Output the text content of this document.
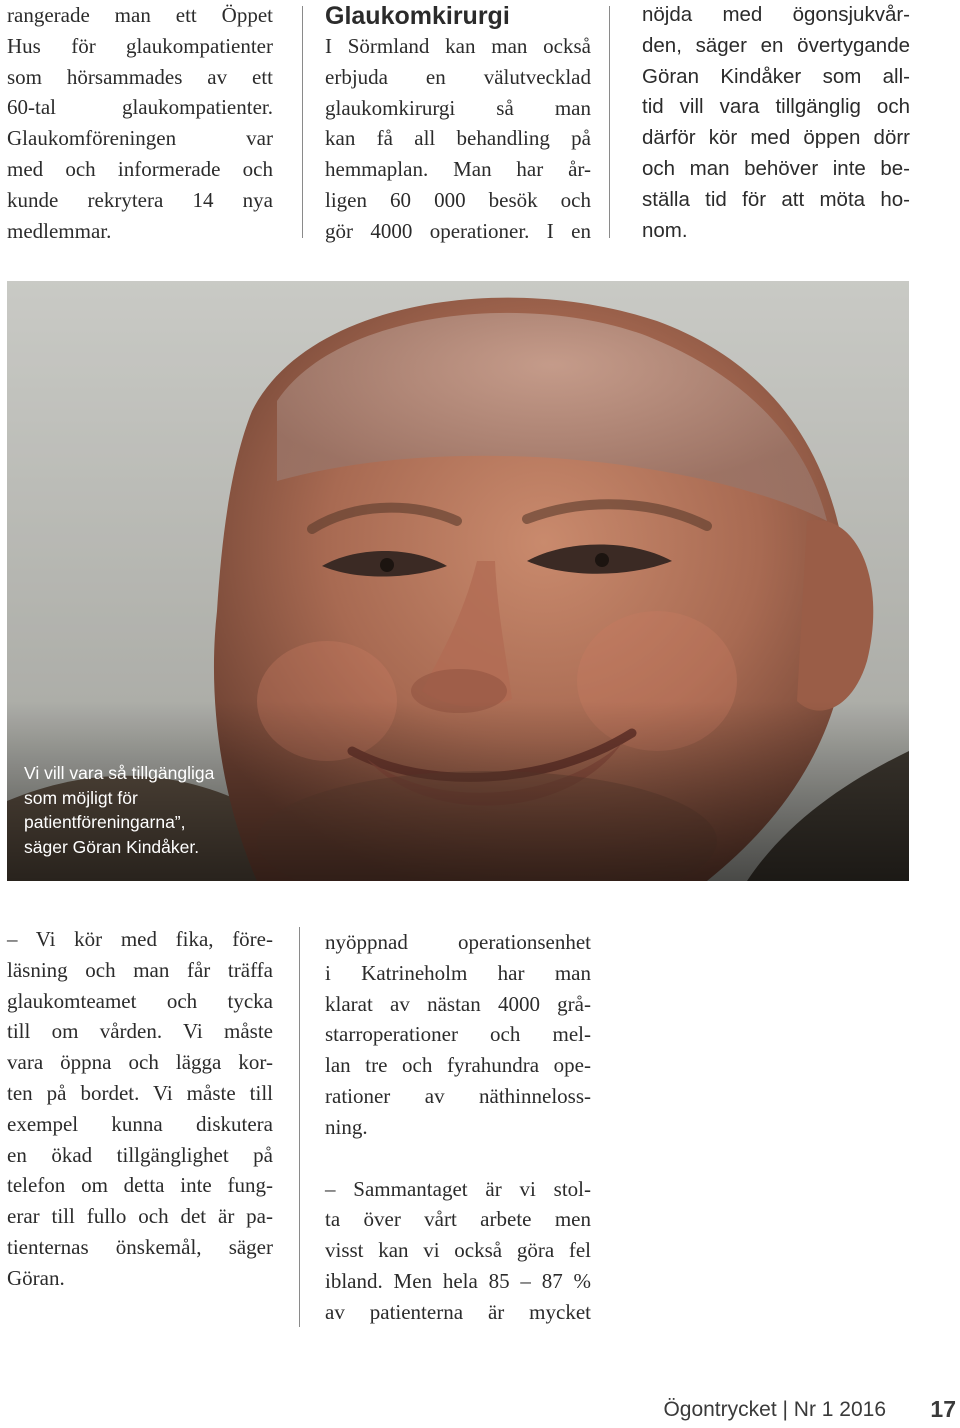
rangerade man ett Öppet
Hus för glaukompatienter
som hörsammades av ett
60-tal glaukompatienter.
Glaukomföreningen var
med och informerade och
kunde rekrytera 14 nya
medlemmar.
Glaukomkirurgi
I Sörmland kan man också
erbjuda en välutvecklad
glaukomkirurgi så man
kan få all behandling på
hemmaplan. Man har år-
ligen 60 000 besök och
gör 4000 operationer. I en
nöjda med ögonsjukvår-
den, säger en övertygande
Göran Kindåker som all-
tid vill vara tillgänglig och
därför kör med öppen dörr
och man behöver inte be-
ställa tid för att möta ho-
nom.
Vi vill vara så tillgängliga
som möjligt för
patientföreningarna”,
säger Göran Kindåker.
– Vi kör med fika, före-
läsning och man får träffa
glaukomteamet och tycka
till om vården. Vi måste
vara öppna och lägga kor-
ten på bordet. Vi måste till
exempel kunna diskutera
en ökad tillgänglighet på
telefon om detta inte fung-
erar till fullo och det är pa-
tienternas önskemål, säger
Göran.
nyöppnad operationsenhet
i Katrineholm har man
klarat av nästan 4000 grå-
starroperationer och mel-
lan tre och fyrahundra ope-
rationer av näthinneloss-
ning.
– Sammantaget är vi stol-
ta över vårt arbete men
visst kan vi också göra fel
ibland. Men hela 85 – 87 %
av patienterna är mycket
Ögontrycket | Nr 1 2016 17
